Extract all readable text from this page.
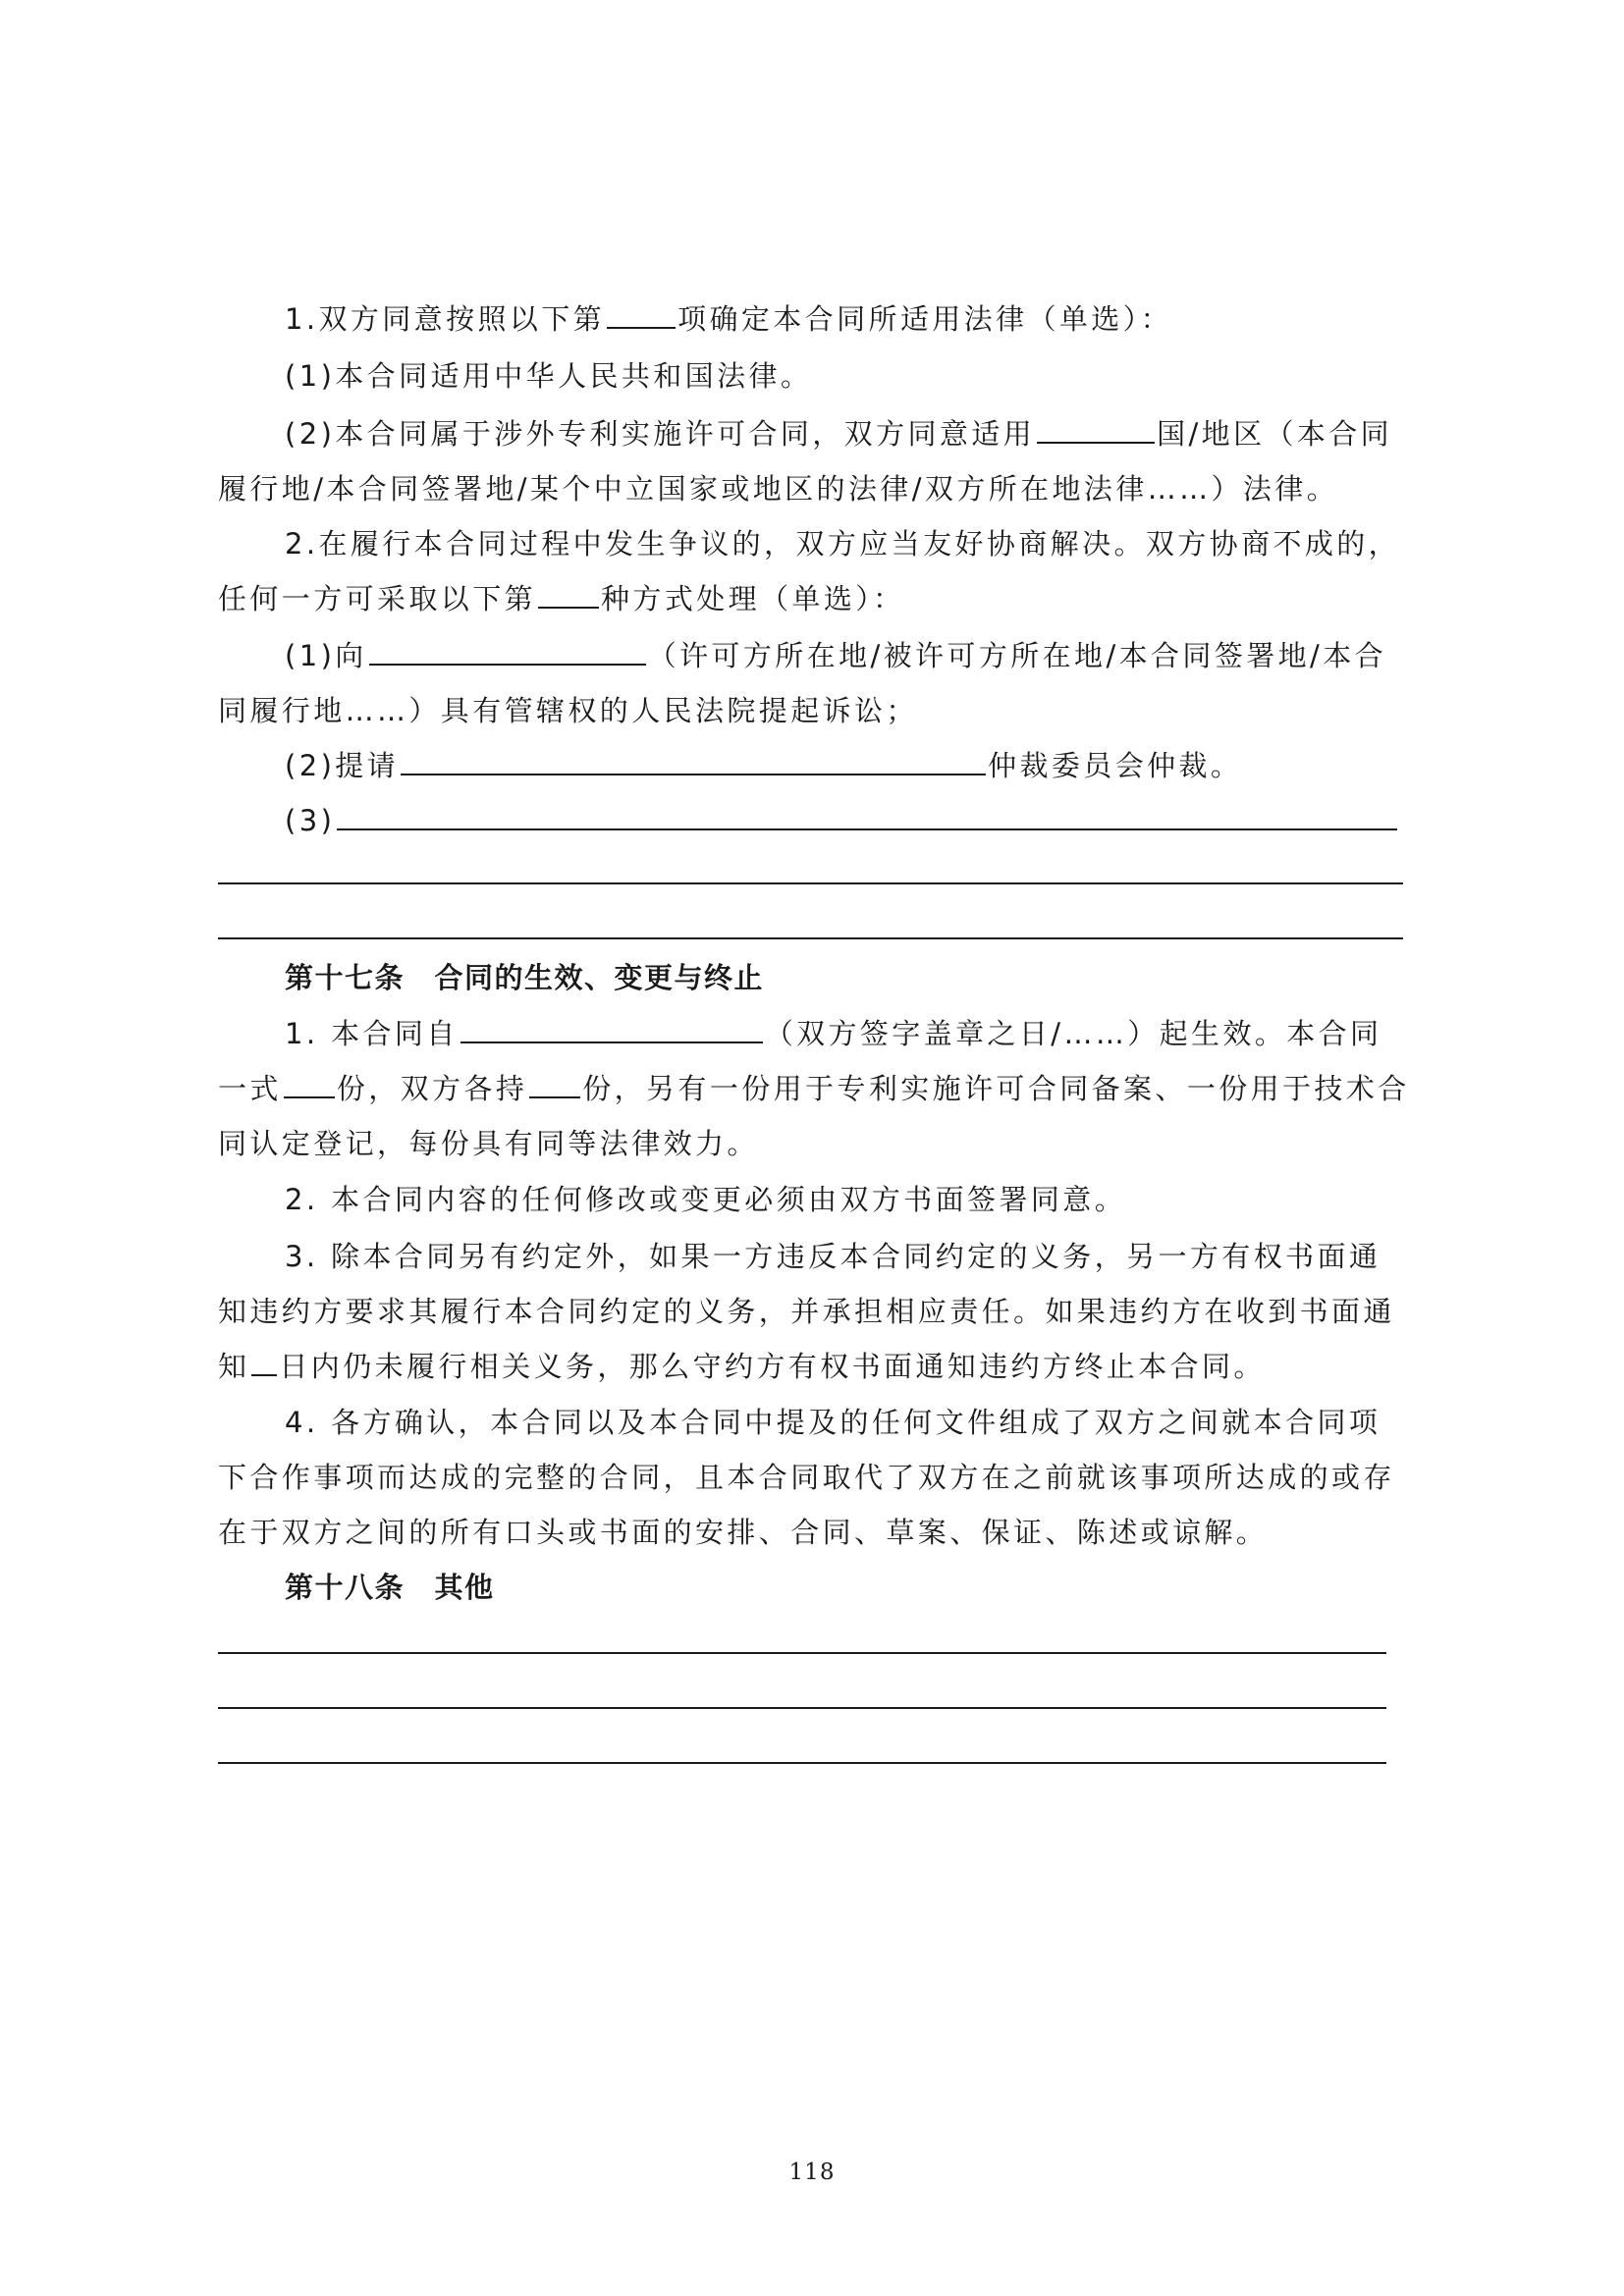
1.双方同意按照以下第	项确定本合同所适用法律（单选）：
(1)本合同适用中华人民共和国法律。
(2)本合同属于涉外专利实施许可合同，双方同意适用	国/地区（本合同
履行地/本合同签署地/某个中立国家或地区的法律/双方所在地法律……）法律。
2.在履行本合同过程中发生争议的，双方应当友好协商解决。双方协商不成的，
任何一方可采取以下第 种方式处理（单选）：
(1)向	（许可方所在地/被许可方所在地/本合同签署地/本合
同履行地……）具有管辖权的人民法院提起诉讼；
(2)提请	仲裁委员会仲裁。
(3)
第十七条　合同的生效、变更与终止
1. 本合同自	（双方签字盖章之日/……）起生效。本合同
一式 份，双方各持 份，另有一份用于专利实施许可合同备案、一份用于技术合
同认定登记，每份具有同等法律效力。
2. 本合同内容的任何修改或变更必须由双方书面签署同意。
3. 除本合同另有约定外，如果一方违反本合同约定的义务，另一方有权书面通
知违约方要求其履行本合同约定的义务，并承担相应责任。如果违约方在收到书面通
知 日内仍未履行相关义务，那么守约方有权书面通知违约方终止本合同。
4. 各方确认，本合同以及本合同中提及的任何文件组成了双方之间就本合同项
下合作事项而达成的完整的合同，且本合同取代了双方在之前就该事项所达成的或存
在于双方之间的所有口头或书面的安排、合同、草案、保证、陈述或谅解。
第十八条　其他
118
